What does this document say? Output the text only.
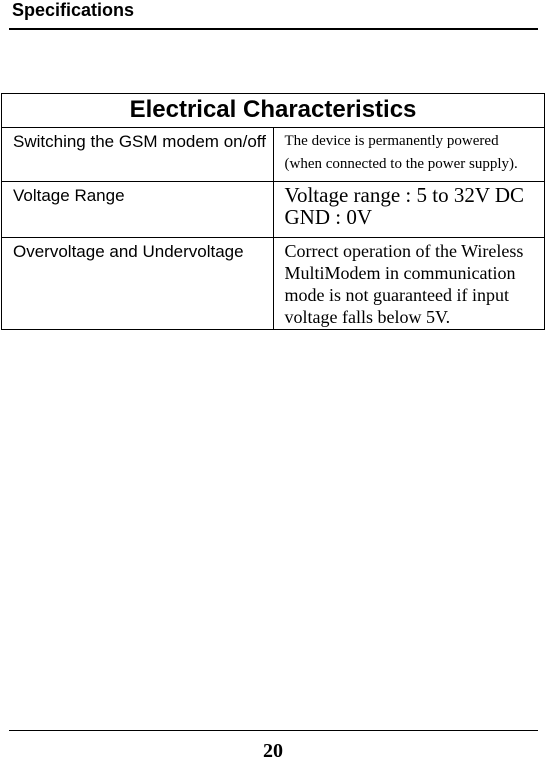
Specifications
Electrical Characteristics	
Switching the GSM modem on/off	The device is permanently powered
(when connected to the power supply).

Voltage Range	Voltage range : 5 to 32V DC
GND : 0V

Overvoltage and Undervoltage	Correct operation of the Wireless
MultiModem in communication
mode is not guaranteed if input
voltage falls below 5V.
20
